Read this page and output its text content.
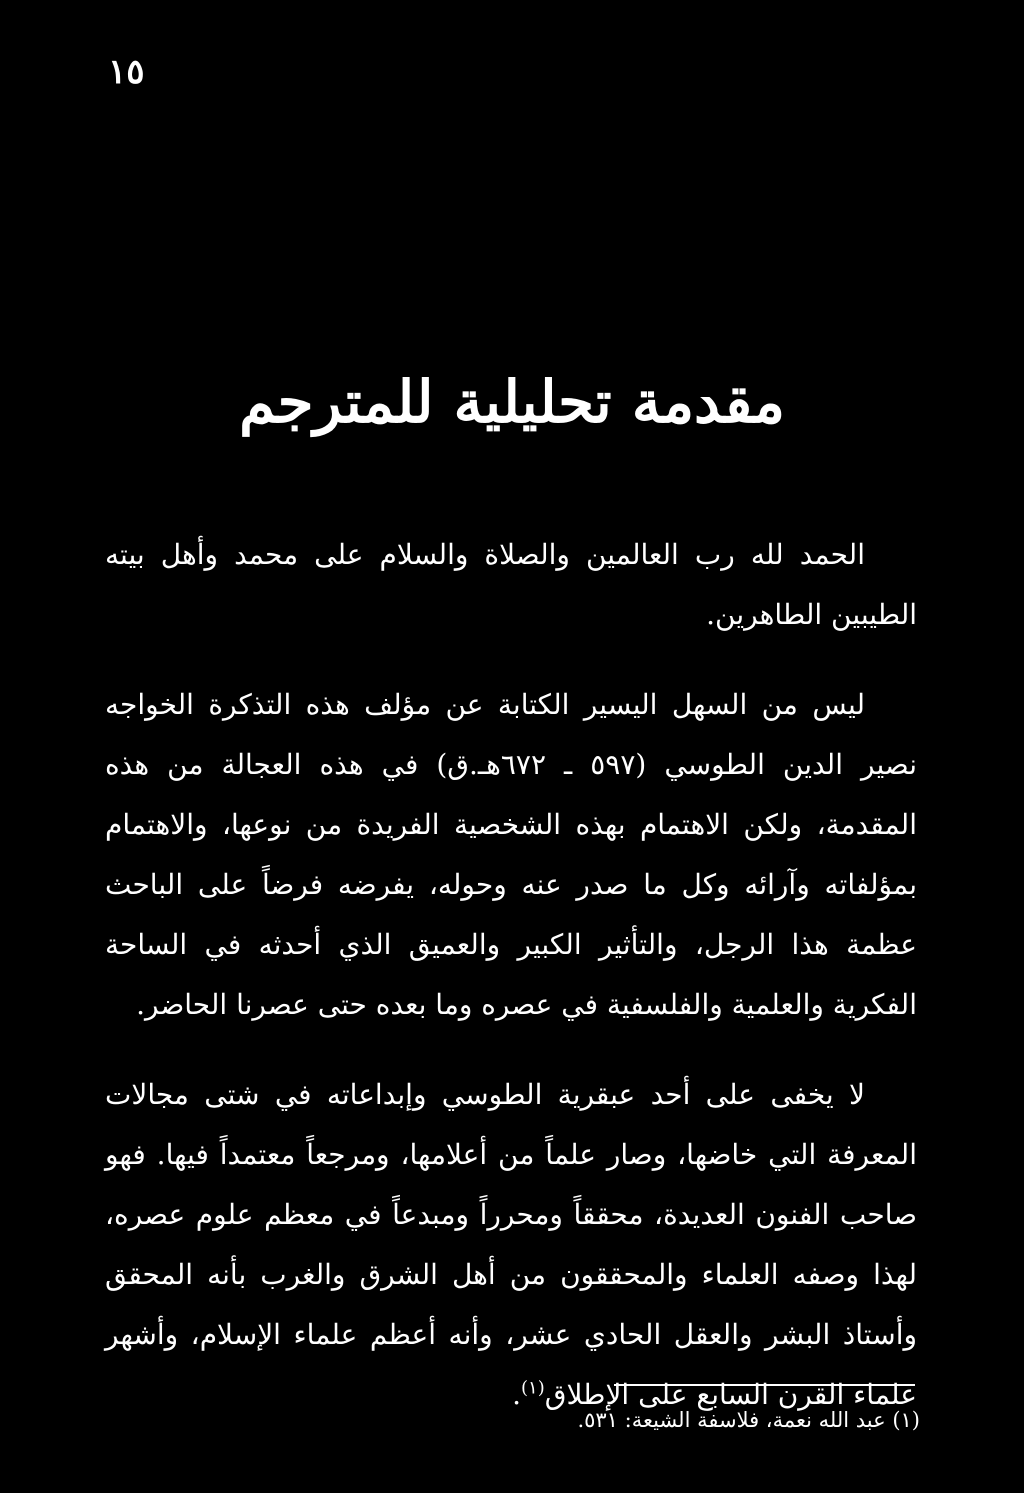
١٥
مقدمة تحليلية للمترجم

الحمد لله رب العالمين والصلاة والسلام على محمد وأهل بيته الطيبين الطاهرين.

ليس من السهل اليسير الكتابة عن مؤلف هذه التذكرة الخواجه نصير الدين الطوسي (٥٩٧ ـ ٦٧٢هـ.ق) في هذه العجالة من هذه المقدمة، ولكن الاهتمام بهذه الشخصية الفريدة من نوعها، والاهتمام بمؤلفاته وآرائه وكل ما صدر عنه وحوله، يفرضه فرضاً على الباحث عظمة هذا الرجل، والتأثير الكبير والعميق الذي أحدثه في الساحة الفكرية والعلمية والفلسفية في عصره وما بعده حتى عصرنا الحاضر.

لا يخفى على أحد عبقرية الطوسي وإبداعاته في شتى مجالات المعرفة التي خاضها، وصار علماً من أعلامها، ومرجعاً معتمداً فيها. فهو صاحب الفنون العديدة، محققاً ومحرراً ومبدعاً في معظم علوم عصره، لهذا وصفه العلماء والمحققون من أهل الشرق والغرب بأنه المحقق وأستاذ البشر والعقل الحادي عشر، وأنه أعظم علماء الإسلام، وأشهر علماء القرن السابع على الإطلاق$^{(١)}$.

(١) عبد الله نعمة، فلاسفة الشيعة: ٥٣١.
